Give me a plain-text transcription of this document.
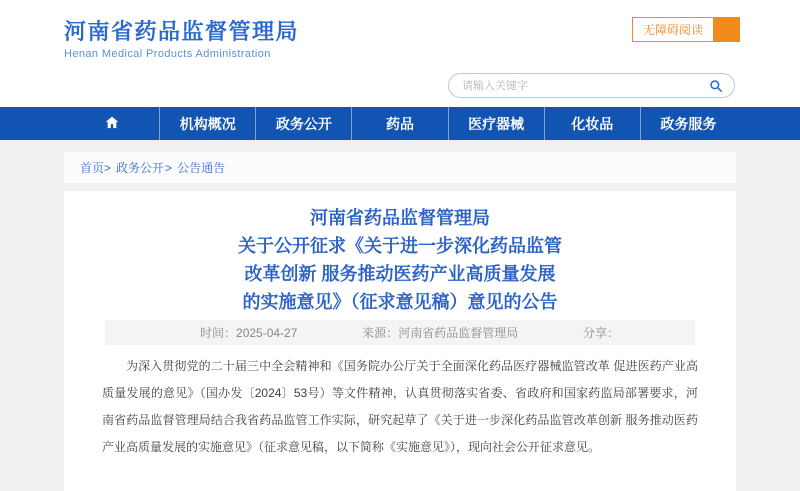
河南省药品监督管理局
Henan Medical Products Administration
无障碍阅读
请输入关键字
机构概况	政务公开	药品	医疗器械	化妆品	政务服务
首页 > 政务公开 > 公告通告
河南省药品监督管理局
关于公开征求《关于进一步深化药品监管
改革创新 服务推动医药产业高质量发展
的实施意见》（征求意见稿）意见的公告
时间：2025-04-27	来源：河南省药品监督管理局	分享：

为深入贯彻党的二十届三中全会精神和《国务院办公厅关于全面深化药品医疗器械监管改革 促进医药产业高质量发展的意见》（国办发〔2024〕53号）等文件精神，认真贯彻落实省委、省政府和国家药监局部署要求，河南省药品监督管理局结合我省药品监管工作实际，研究起草了《关于进一步深化药品监管改革创新 服务推动医药产业高质量发展的实施意见》（征求意见稿，以下简称《实施意见》），现向社会公开征求意见。
